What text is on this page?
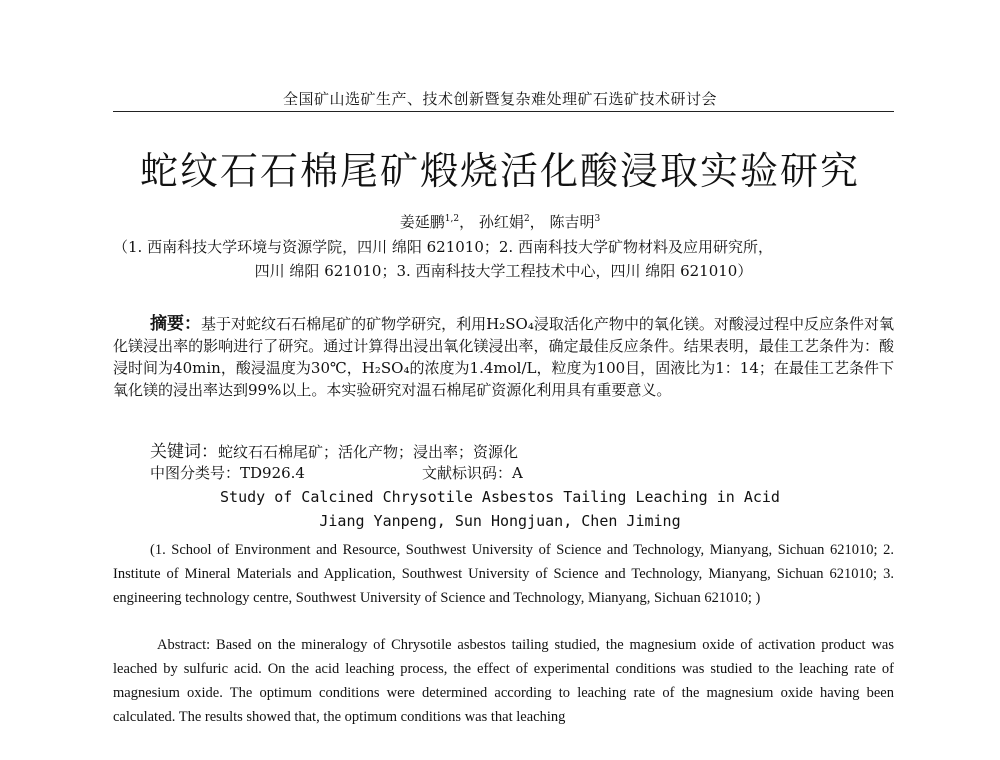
全国矿山选矿生产、技术创新暨复杂难处理矿石选矿技术研讨会
蛇纹石石棉尾矿煅烧活化酸浸取实验研究
姜延鹏$^{1,2}$， 孙红娟$^2$， 陈吉明$^3$
（1. 西南科技大学环境与资源学院，四川 绵阳 621010；2. 西南科技大学矿物材料及应用研究所，
四川 绵阳 621010；3. 西南科技大学工程技术中心，四川 绵阳 621010）
摘要：基于对蛇纹石石棉尾矿的矿物学研究，利用H₂SO₄浸取活化产物中的氧化镁。对酸浸过程中反应条件对氧化镁浸出率的影响进行了研究。通过计算得出浸出氧化镁浸出率，确定最佳反应条件。结果表明，最佳工艺条件为：酸浸时间为40min，酸浸温度为30℃，H₂SO₄的浓度为1.4mol/L，粒度为100目，固液比为1：14；在最佳工艺条件下氧化镁的浸出率达到99%以上。本实验研究对温石棉尾矿资源化利用具有重要意义。
关键词：蛇纹石石棉尾矿；活化产物；浸出率；资源化
中图分类号：TD926.4	文献标识码：A
Study of Calcined Chrysotile Asbestos Tailing Leaching in Acid
Jiang Yanpeng, Sun Hongjuan, Chen Jiming
(1. School of Environment and Resource, Southwest University of Science and Technology, Mianyang, Sichuan 621010; 2. Institute of Mineral Materials and Application, Southwest University of Science and Technology, Mianyang, Sichuan 621010; 3. engineering technology centre, Southwest University of Science and Technology, Mianyang, Sichuan 621010; )
Abstract: Based on the mineralogy of Chrysotile asbestos tailing studied, the magnesium oxide of activation product was leached by sulfuric acid. On the acid leaching process, the effect of experimental conditions was studied to the leaching rate of magnesium oxide. The optimum conditions were determined according to leaching rate of the magnesium oxide having been calculated. The results showed that, the optimum conditions was that leaching
